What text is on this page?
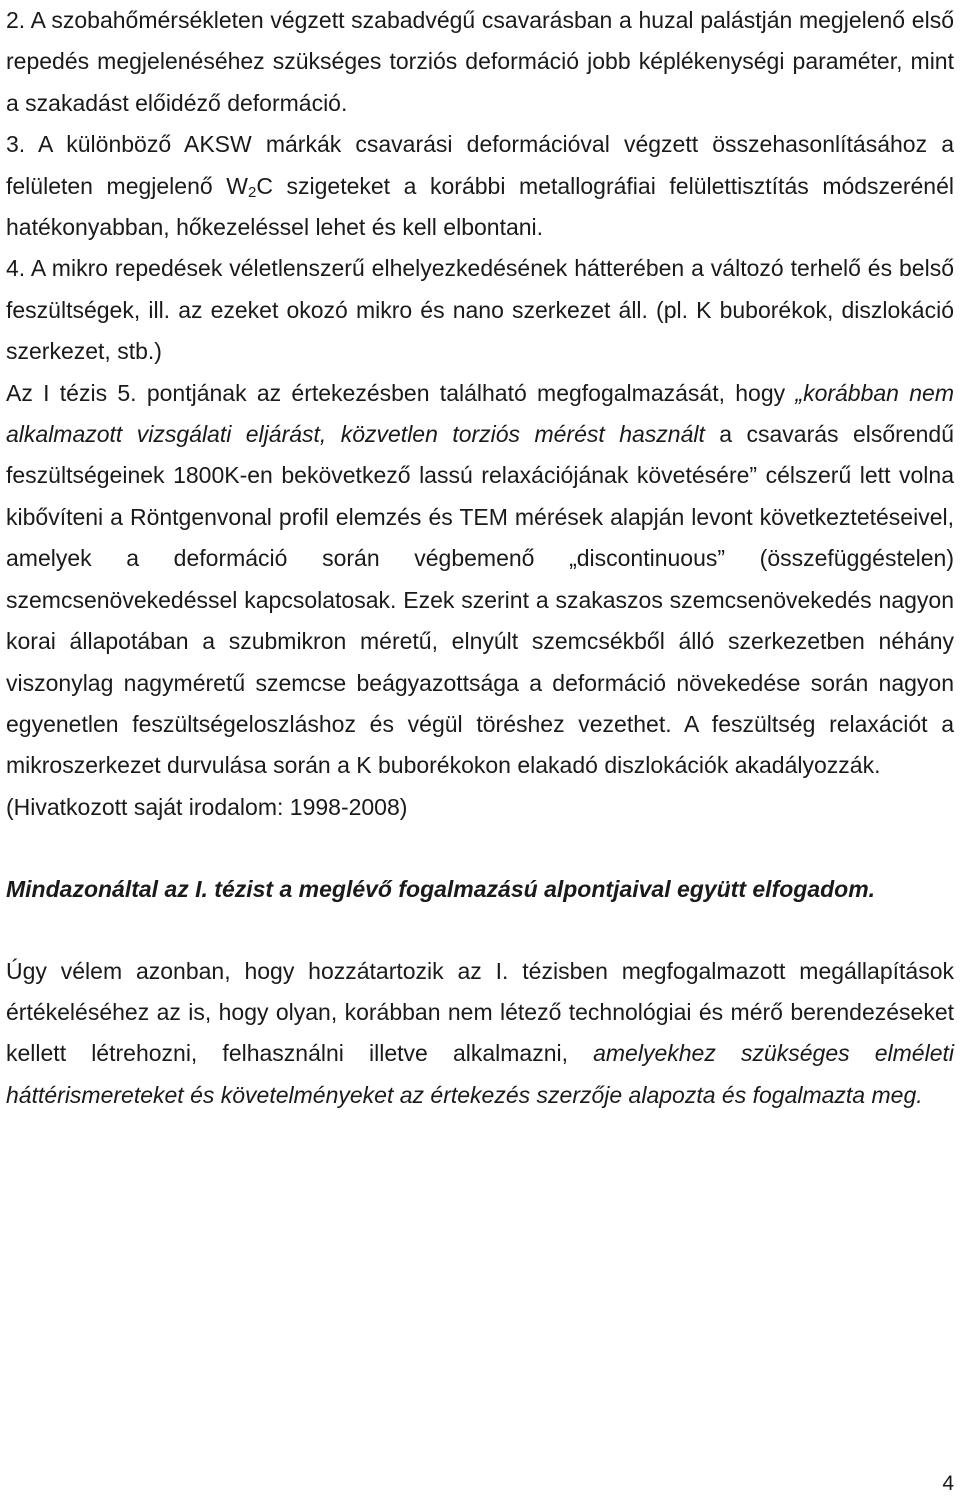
2. A szobahőmérsékleten végzett szabadvégű csavarásban a huzal palástján megjelenő első repedés megjelenéséhez szükséges torziós deformáció jobb képlékenységi paraméter, mint a szakadást előidéző deformáció.

3. A különböző AKSW márkák csavarási deformációval végzett összehasonlításához a felületen megjelenő $W_2C$ szigeteket a korábbi metallográfiai felülettisztítás módszerénél hatékonyabban, hőkezeléssel lehet és kell elbontani.

4. A mikro repedések véletlenszerű elhelyezkedésének hátterében a változó terhelő és belső feszültségek, ill. az ezeket okozó mikro és nano szerkezet áll. (pl. K buborékok, diszlokáció szerkezet, stb.)

Az I tézis 5. pontjának az értekezésben található megfogalmazását, hogy „korábban nem alkalmazott vizsgálati eljárást, közvetlen torziós mérést használt a csavarás elsőrendű feszültségeinek 1800K-en bekövetkező lassú relaxációjának követésére” célszerű lett volna kibővíteni a Röntgenvonal profil elemzés és TEM mérések alapján levont következtetéseivel, amelyek a deformáció során végbemenő „discontinuous” (összefüggéstelen) szemcsenövekedéssel kapcsolatosak. Ezek szerint a szakaszos szemcsenövekedés nagyon korai állapotában a szubmikron méretű, elnyúlt szemcsékből álló szerkezetben néhány viszonylag nagyméretű szemcse beágyazottsága a deformáció növekedése során nagyon egyenetlen feszültségeloszláshoz és végül töréshez vezethet. A feszültség relaxációt a mikroszerkezet durvulása során a K buborékokon elakadó diszlokációk akadályozzák.

(Hivatkozott saját irodalom: 1998-2008)

Mindazonáltal az I. tézist a meglévő fogalmazású alpontjaival együtt elfogadom.

Úgy vélem azonban, hogy hozzátartozik az I. tézisben megfogalmazott megállapítások értékeléséhez az is, hogy olyan, korábban nem létező technológiai és mérő berendezéseket kellett létrehozni, felhasználni illetve alkalmazni, amelyekhez szükséges elméleti háttérismereteket és követelményeket az értekezés szerzője alapozta és fogalmazta meg.

4
